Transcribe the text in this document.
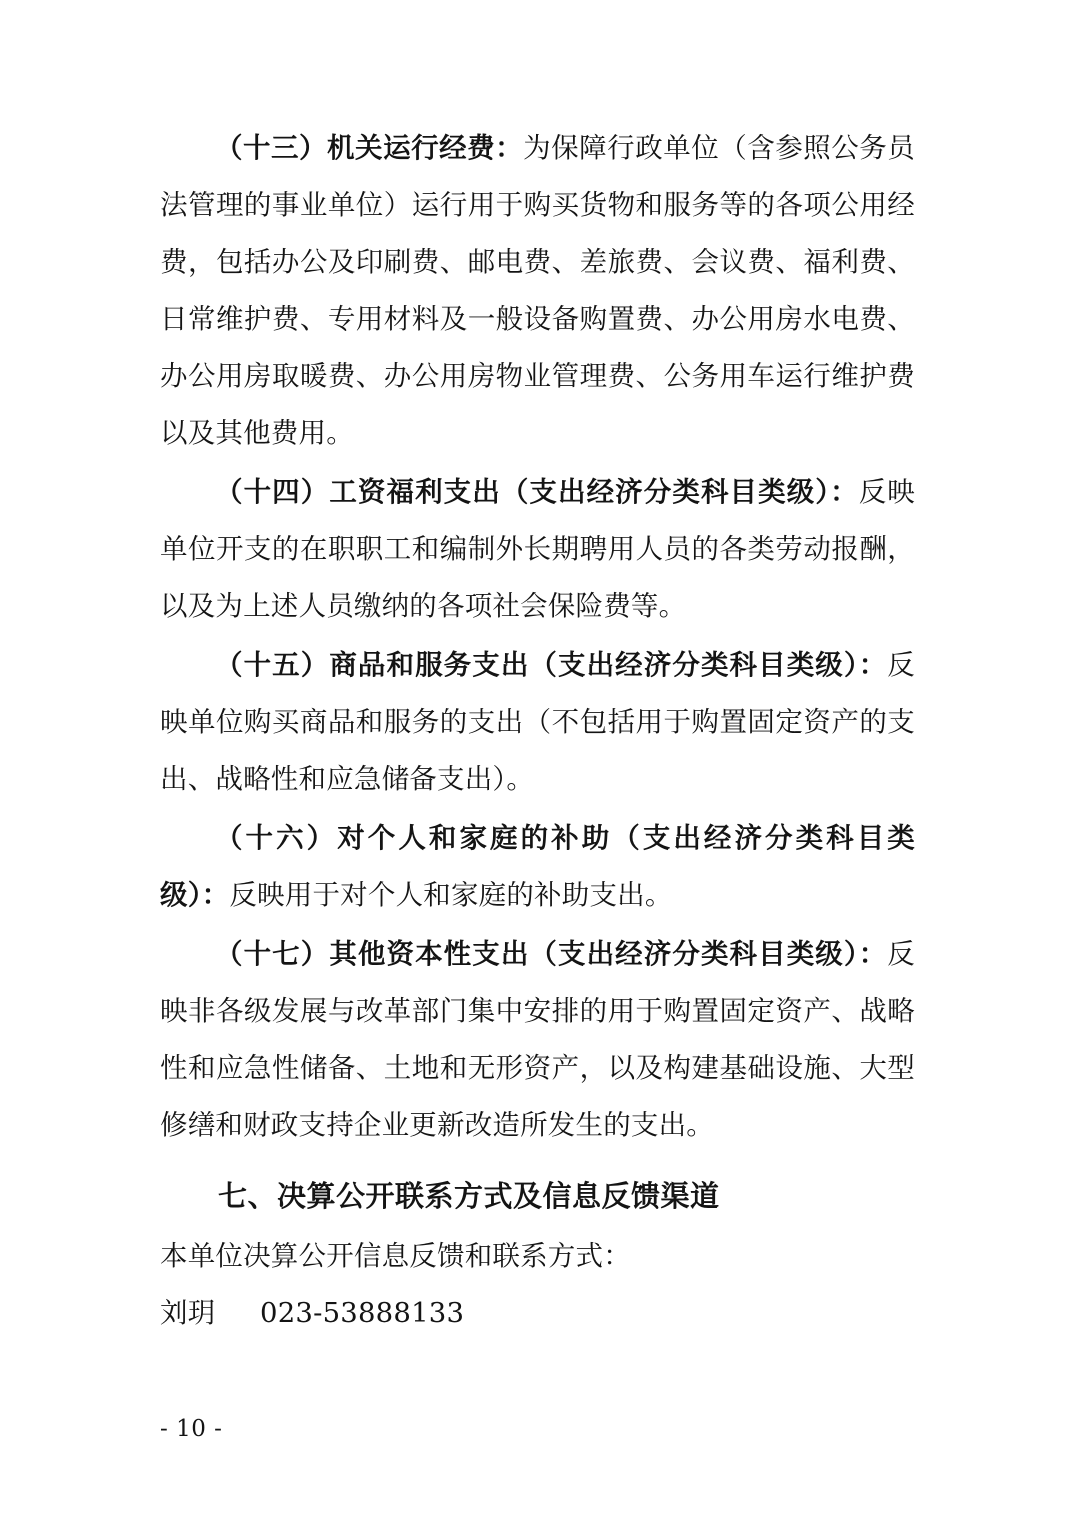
（十三）机关运行经费：为保障行政单位（含参照公务员法管理的事业单位）运行用于购买货物和服务等的各项公用经费，包括办公及印刷费、邮电费、差旅费、会议费、福利费、日常维护费、专用材料及一般设备购置费、办公用房水电费、办公用房取暖费、办公用房物业管理费、公务用车运行维护费以及其他费用。

（十四）工资福利支出（支出经济分类科目类级）：反映单位开支的在职职工和编制外长期聘用人员的各类劳动报酬，以及为上述人员缴纳的各项社会保险费等。

（十五）商品和服务支出（支出经济分类科目类级）：反映单位购买商品和服务的支出（不包括用于购置固定资产的支出、战略性和应急储备支出）。

（十六）对个人和家庭的补助（支出经济分类科目类级）：反映用于对个人和家庭的补助支出。

（十七）其他资本性支出（支出经济分类科目类级）：反映非各级发展与改革部门集中安排的用于购置固定资产、战略性和应急性储备、土地和无形资产，以及构建基础设施、大型修缮和财政支持企业更新改造所发生的支出。

七、决算公开联系方式及信息反馈渠道

本单位决算公开信息反馈和联系方式：

刘玥 023-53888133

- 10 -
